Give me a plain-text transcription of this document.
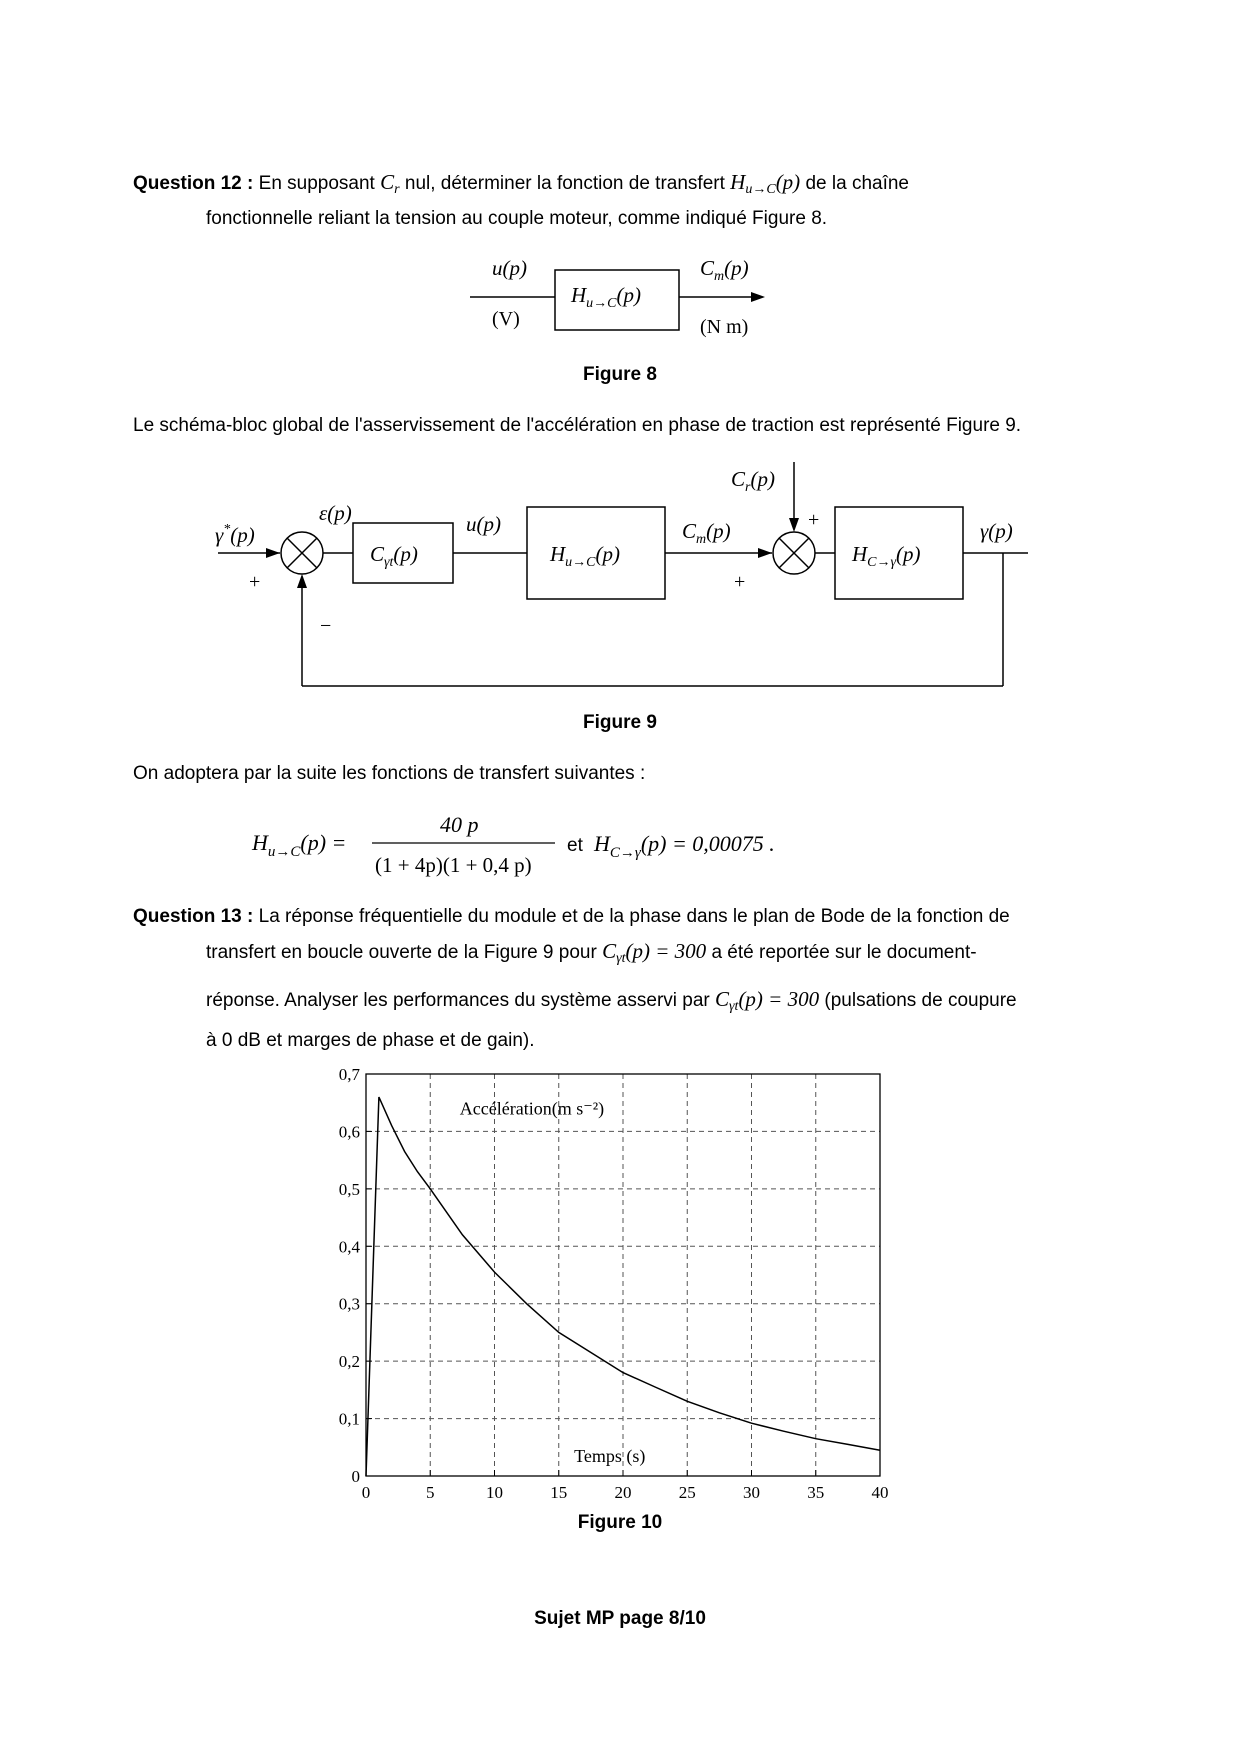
Question 12 : En supposant $C_r$ nul, déterminer la fonction de transfert $H_{u\to C}(p)$ de la chaîne
fonctionnelle reliant la tension au couple moteur, comme indiqué Figure 8.
u(p)
(V)
$H_{u\to C}(p)$
$C_m(p)$
(N m)
Figure 8
Le schéma-bloc global de l'asservissement de l'accélération en phase de traction est représenté Figure 9.
γ*(p)
+
ε(p)
−
$C_{\gamma t}(p)$
u(p)
$H_{u\to C}(p)$
$C_m(p)$
+
$C_r(p)$
+
$H_{C\to\gamma}(p)$
γ(p)
Figure 9
On adoptera par la suite les fonctions de transfert suivantes :
$H_{u\to C}(p)$ =
40 p
(1 + 4p)(1 + 0,4 p)
et $H_{C\to\gamma}(p) = 0,00075$ .
Question 13 : La réponse fréquentielle du module et de la phase dans le plan de Bode de la fonction de
transfert en boucle ouverte de la Figure 9 pour $C_{\gamma t}(p) = 300$ a été reportée sur le document-
réponse. Analyser les performances du système asservi par $C_{\gamma t}(p) = 300$ (pulsations de coupure
à 0 dB et marges de phase et de gain).
0	5	10	15	20	25	30	35	40
0
0,1
0,2
0,3
0,4
0,5
0,6
0,7
Accélération(m s⁻²)
Temps (s)
Figure 10
Sujet MP page 8/10
